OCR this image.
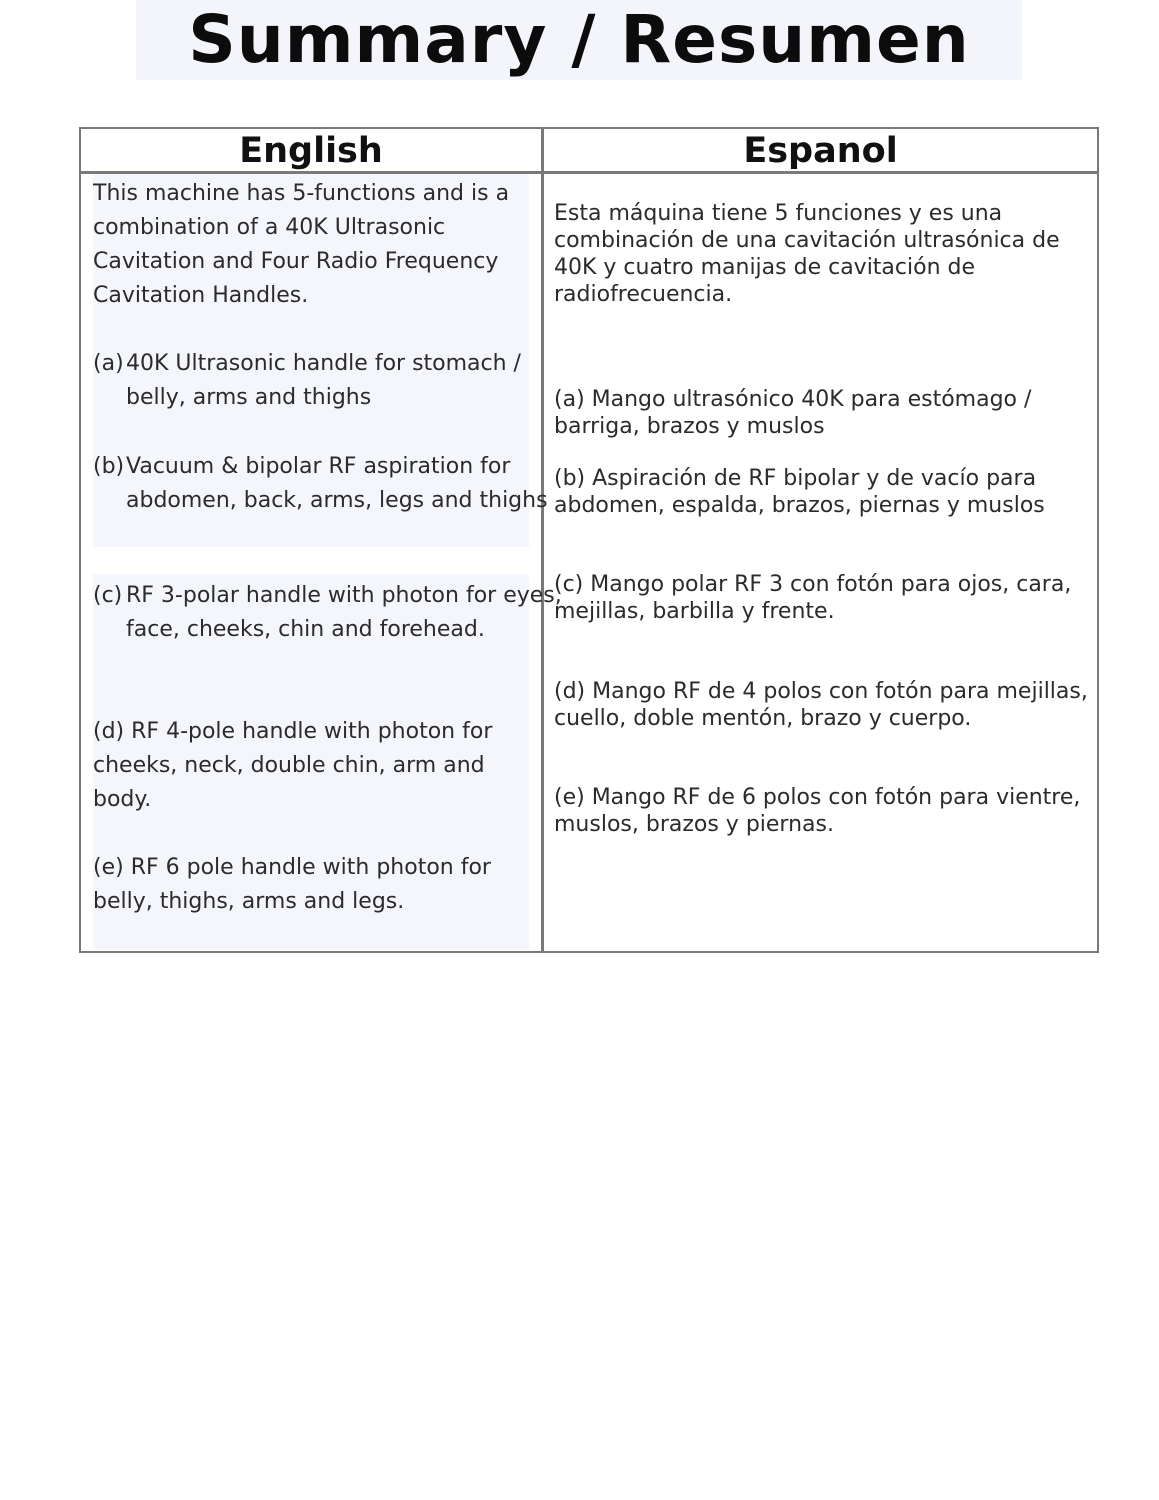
Summary / Resumen
English	Espanol
This machine has 5-functions and is a combination of a 40K Ultrasonic Cavitation and Four Radio Frequency Cavitation Handles.
(a) 40K Ultrasonic handle for stomach / belly, arms and thighs
(b)Vacuum & bipolar RF aspiration for abdomen, back, arms, legs and thighs
(c) RF 3-polar handle with photon for eyes, face, cheeks, chin and forehead.
(d) RF 4-pole handle with photon for cheeks, neck, double chin, arm and body.
(e) RF 6 pole handle with photon for belly, thighs, arms and legs.
Esta máquina tiene 5 funciones y es una combinación de una cavitación ultrasónica de 40K y cuatro manijas de cavitación de radiofrecuencia.
(a) Mango ultrasónico 40K para estómago / barriga, brazos y muslos
(b) Aspiración de RF bipolar y de vacío para abdomen, espalda, brazos, piernas y muslos
(c) Mango polar RF 3 con fotón para ojos, cara, mejillas, barbilla y frente.
(d) Mango RF de 4 polos con fotón para mejillas, cuello, doble mentón, brazo y cuerpo.
(e) Mango RF de 6 polos con fotón para vientre, muslos, brazos y piernas.
